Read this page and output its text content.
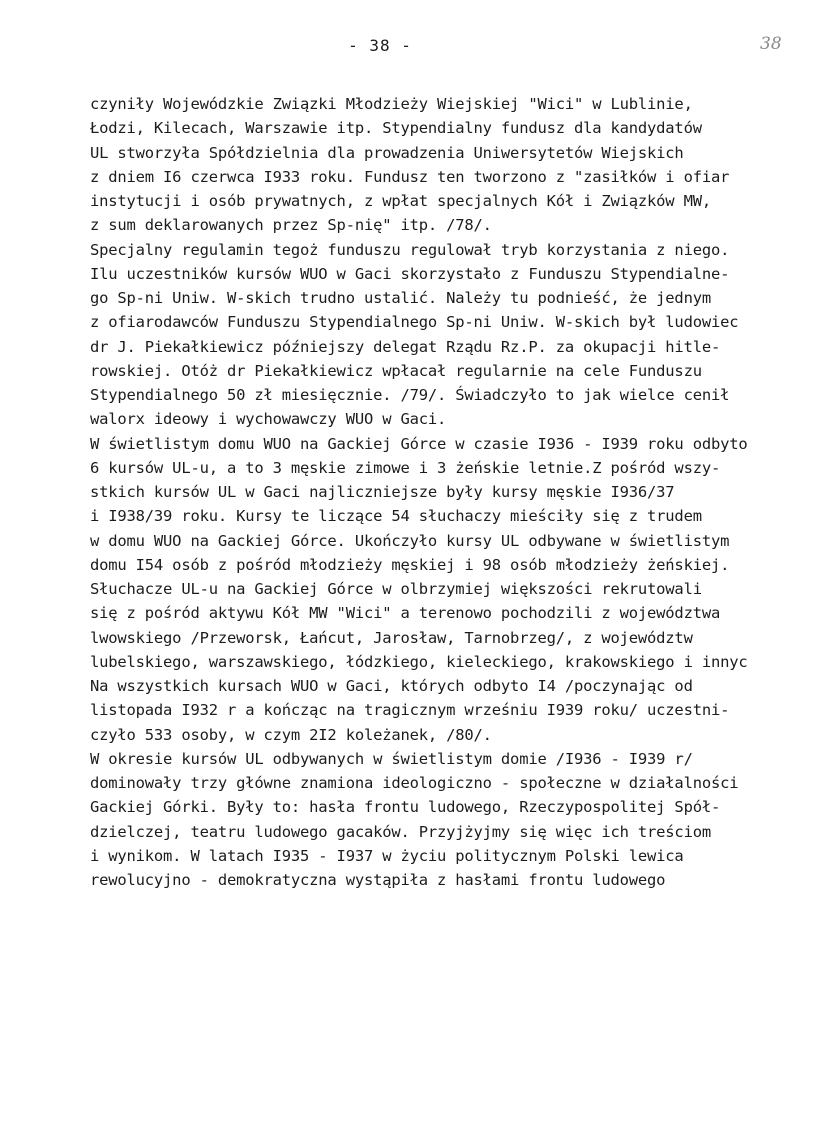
- 38 -	38
czyniły Wojewódzkie Związki Młodzieży Wiejskiej "Wici" w Lublinie,
Łodzi, Kilecach, Warszawie itp. Stypendialny fundusz dla kandydatów
UL stworzyła Spółdzielnia dla prowadzenia Uniwersytetów Wiejskich
z dniem I6 czerwca I933 roku. Fundusz ten tworzono z "zasiłków i ofiar
instytucji i osób prywatnych, z wpłat specjalnych Kół i Związków MW,
z sum deklarowanych przez Sp-nię" itp. /78/.
Specjalny regulamin tegoż funduszu regulował tryb korzystania z niego.
Ilu uczestników kursów WUO w Gaci skorzystało z Funduszu Stypendialne-
go Sp-ni Uniw. W-skich trudno ustalić. Należy tu podnieść, że jednym
z ofiarodawców Funduszu Stypendialnego Sp-ni Uniw. W-skich był ludowiec
dr J. Piekałkiewicz późniejszy delegat Rządu Rz.P. za okupacji hitle-
rowskiej. Otóż dr Piekałkiewicz wpłacał regularnie na cele Funduszu
Stypendialnego 50 zł miesięcznie. /79/. Świadczyło to jak wielce cenił
walorx ideowy i wychowawczy WUO w Gaci.
W świetlistym domu WUO na Gackiej Górce w czasie I936 - I939 roku odbyto
6 kursów UL-u, a to 3 męskie zimowe i 3 żeńskie letnie.Z pośród wszy-
stkich kursów UL w Gaci najliczniejsze były kursy męskie I936/37
i I938/39 roku. Kursy te liczące 54 słuchaczy mieściły się z trudem
w domu WUO na Gackiej Górce. Ukończyło kursy UL odbywane w świetlistym
domu I54 osób z pośród młodzieży męskiej i 98 osób młodzieży żeńskiej.
Słuchacze UL-u na Gackiej Górce w olbrzymiej większości rekrutowali
się z pośród aktywu Kół MW "Wici" a terenowo pochodzili z województwa
lwowskiego /Przeworsk, Łańcut, Jarosław, Tarnobrzeg/, z województw
lubelskiego, warszawskiego, łódzkiego, kieleckiego, krakowskiego i innyc
Na wszystkich kursach WUO w Gaci, których odbyto I4 /poczynając od
listopada I932 r a kończąc na tragicznym wrześniu I939 roku/ uczestni-
czyło 533 osoby, w czym 2I2 koleżanek, /80/.
W okresie kursów UL odbywanych w świetlistym domie /I936 - I939 r/
dominowały trzy główne znamiona ideologiczno - społeczne w działalności
Gackiej Górki. Były to: hasła frontu ludowego, Rzeczypospolitej Spół-
dzielczej, teatru ludowego gacaków. Przyjżyjmy się więc ich treściom
i wynikom. W latach I935 - I937 w życiu politycznym Polski lewica
rewolucyjno - demokratyczna wystąpiła z hasłami frontu ludowego
